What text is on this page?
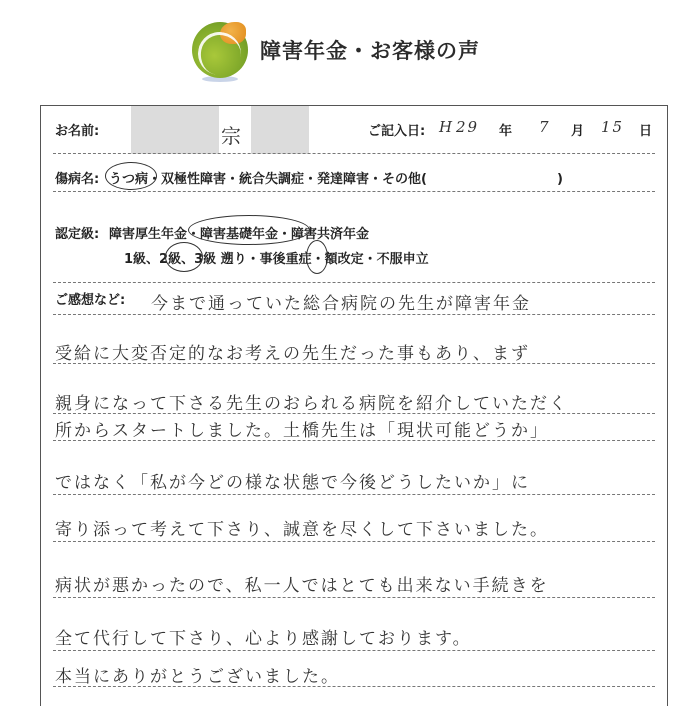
障害年金・お客様の声
お名前:	宗	ご記入日: H 29 年 7 月 15 日
傷病名: うつ病・双極性障害・統合失調症・発達障害・その他(　　　　　　　　　　)
認定級: 障害厚生年金・障害基礎年金・障害共済年金
1級、2級、3級 遡り・事後重症・額改定・不服申立
ご感想など: 今まで通っていた総合病院の先生が障害年金
受給に大変否定的なお考えの先生だった事もあり、まず
親身になって下さる先生のおられる病院を紹介していただく
所からスタートしました。土橋先生は「現状可能どうか」
ではなく「私が今どの様な状態で今後どうしたいか」に
寄り添って考えて下さり、誠意を尽くして下さいました。
病状が悪かったので、私一人ではとても出来ない手続きを
全て代行して下さり、心より感謝しております。
本当にありがとうございました。
